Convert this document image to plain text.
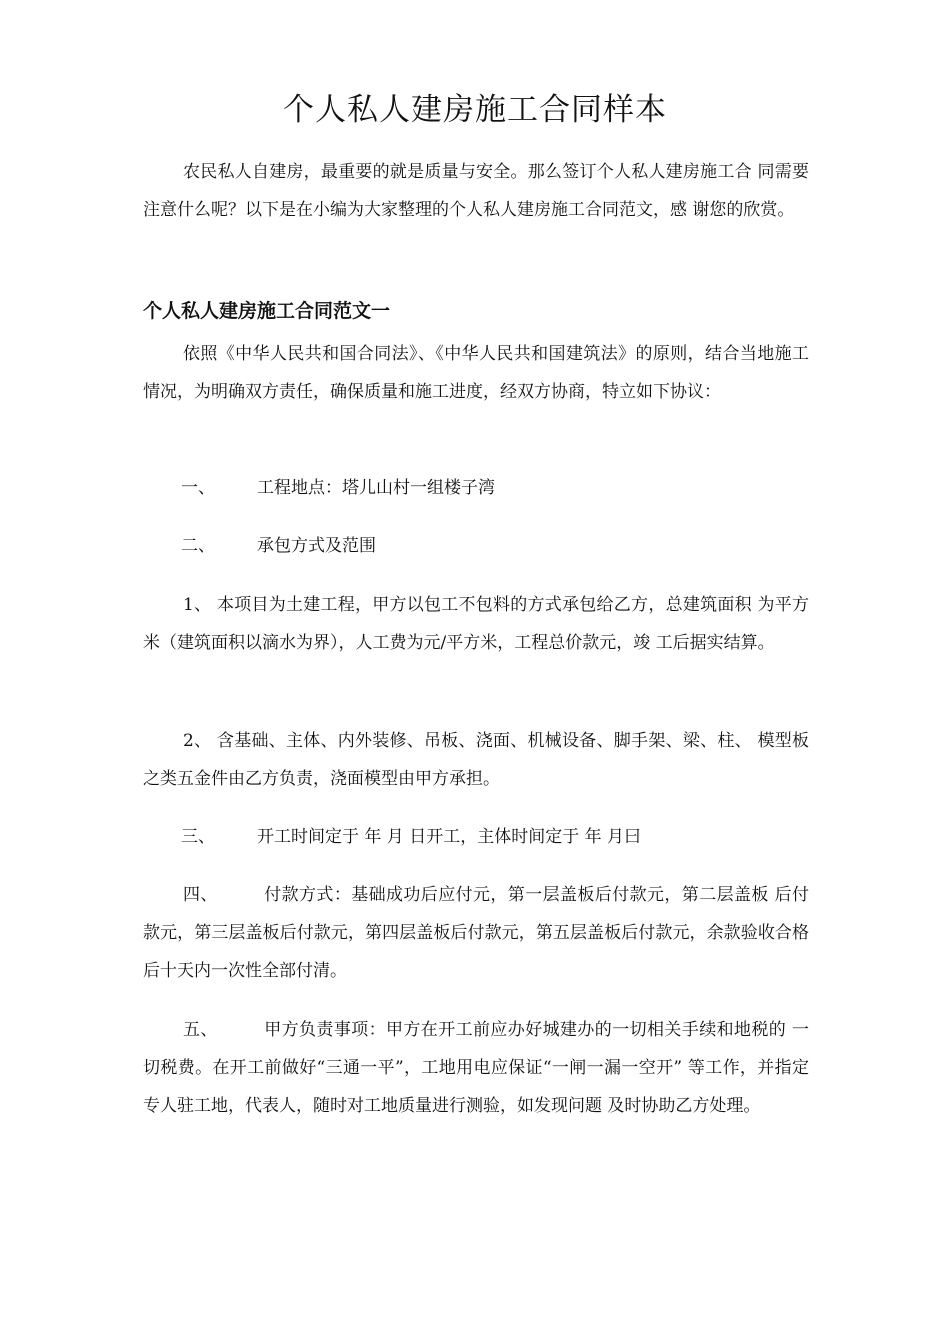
个人私人建房施工合同样本

农民私人自建房，最重要的就是质量与安全。那么签订个人私人建房施工合 同需要注意什么呢？以下是在小编为大家整理的个人私人建房施工合同范文，感 谢您的欣赏。

个人私人建房施工合同范文一

依照《中华人民共和国合同法》、《中华人民共和国建筑法》的原则，结合当地施工情况，为明确双方责任，确保质量和施工进度，经双方协商，特立如下协议：

一、 工程地点：塔儿山村一组楼子湾

二、 承包方式及范围

1、 本项目为土建工程，甲方以包工不包料的方式承包给乙方，总建筑面积 为平方米（建筑面积以滴水为界），人工费为元/平方米，工程总价款元，竣 工后据实结算。

2、 含基础、主体、内外装修、吊板、浇面、机械设备、脚手架、梁、柱、 模型板之类五金件由乙方负责，浇面模型由甲方承担。

三、 开工时间定于 年 月 日开工，主体时间定于 年 月曰

四、        付款方式：基础成功后应付元，第一层盖板后付款元，第二层盖板 后付款元，第三层盖板后付款元，第四层盖板后付款元，第五层盖板后付款元，余款验收合格后十天内一次性全部付清。

五、        甲方负责事项：甲方在开工前应办好城建办的一切相关手续和地税的 一切税费。在开工前做好“三通一平”，工地用电应保证“一闸一漏一空开” 等工作，并指定专人驻工地，代表人，随时对工地质量进行测验，如发现问题 及时协助乙方处理。
